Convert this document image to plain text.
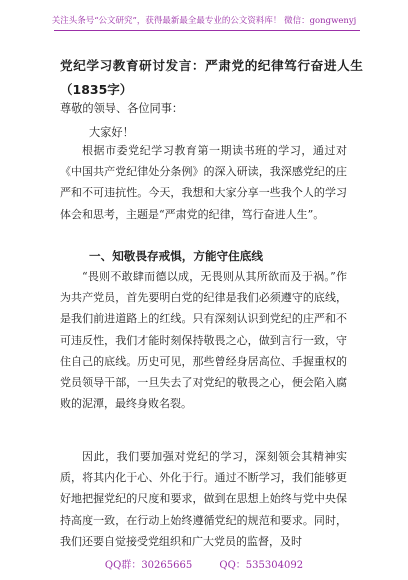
关注头条号“公文研究”，获得最新最全最专业的公文资料库！ 微信：gongwenyj
党纪学习教育研讨发言：严肃党的纪律笃行奋进人生
（1835字）
尊敬的领导、各位同事：
大家好！
根据市委党纪学习教育第一期读书班的学习，通过对《中国共产党纪律处分条例》的深入研读，我深感党纪的庄严和不可违抗性。今天，我想和大家分享一些我个人的学习体会和思考，主题是“严肃党的纪律，笃行奋进人生”。
一、知敬畏存戒惧，方能守住底线
“畏则不敢肆而德以成，无畏则从其所欲而及于祸。”作为共产党员，首先要明白党的纪律是我们必须遵守的底线，是我们前进道路上的红线。只有深刻认识到党纪的庄严和不可违反性，我们才能时刻保持敬畏之心，做到言行一致，守住自己的底线。历史可见，那些曾经身居高位、手握重权的党员领导干部，一旦失去了对党纪的敬畏之心，便会陷入腐败的泥潭，最终身败名裂。
因此，我们要加强对党纪的学习，深刻领会其精神实质，将其内化于心、外化于行。通过不断学习，我们能够更好地把握党纪的尺度和要求，做到在思想上始终与党中央保持高度一致，在行动上始终遵循党纪的规范和要求。同时，我们还要自觉接受党组织和广大党员的监督，及时
QQ群：30265665	QQ：535304092
